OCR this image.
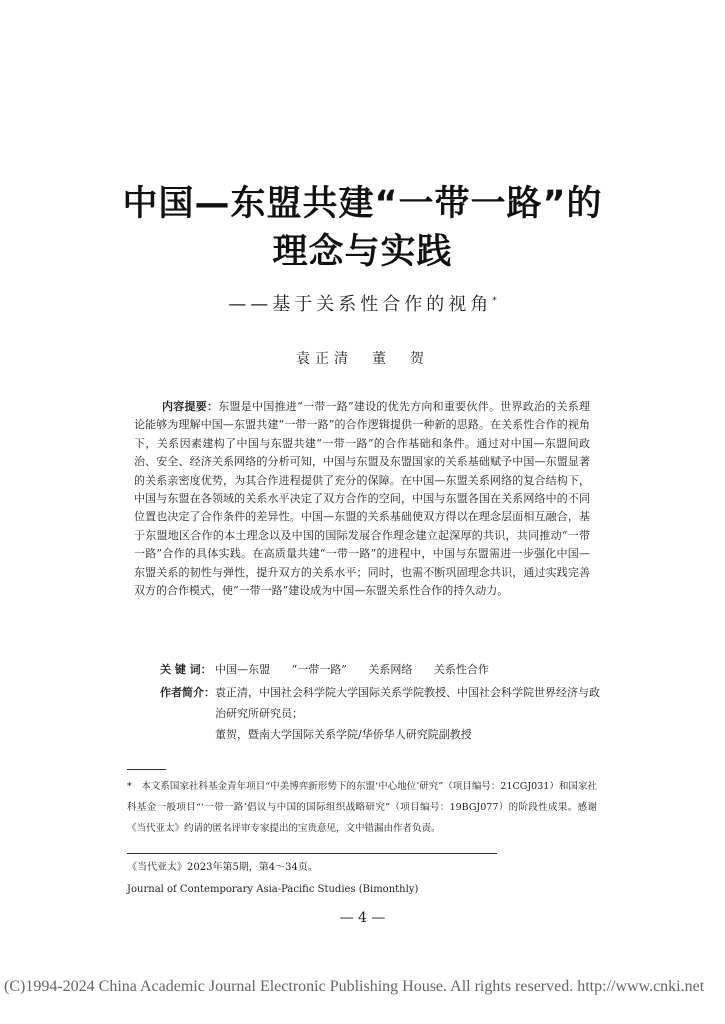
中国—东盟共建“一带一路”的
理念与实践
——基于关系性合作的视角*
袁正清　董　贺
内容提要：东盟是中国推进“一带一路”建设的优先方向和重要伙伴。世界政治的关系理论能够为理解中国—东盟共建“一带一路”的合作逻辑提供一种新的思路。在关系性合作的视角下，关系因素建构了中国与东盟共建“一带一路”的合作基础和条件。通过对中国—东盟间政治、安全、经济关系网络的分析可知，中国与东盟及东盟国家的关系基础赋予中国—东盟显著的关系亲密度优势，为其合作进程提供了充分的保障。在中国—东盟关系网络的复合结构下，中国与东盟在各领域的关系水平决定了双方合作的空间，中国与东盟各国在关系网络中的不同位置也决定了合作条件的差异性。中国—东盟的关系基础使双方得以在理念层面相互融合，基于东盟地区合作的本土理念以及中国的国际发展合作理念建立起深厚的共识，共同推动“一带一路”合作的具体实践。在高质量共建“一带一路”的进程中，中国与东盟需进一步强化中国—东盟关系的韧性与弹性，提升双方的关系水平；同时，也需不断巩固理念共识，通过实践完善双方的合作模式，使“一带一路”建设成为中国—东盟关系性合作的持久动力。
关 键 词： 中国—东盟 “一带一路” 关系网络 关系性合作
作者简介： 袁正清，中国社会科学院大学国际关系学院教授、中国社会科学院世界经济与政治研究所研究员；
董贺，暨南大学国际关系学院/华侨华人研究院副教授
*　 本文系国家社科基金青年项目“中美博弈新形势下的东盟‘中心地位’研究”（项目编号：21CGJ031）和国家社科基金一般项目“‘一带一路’倡议与中国的国际组织战略研究”（项目编号：19BGJ077）的阶段性成果。感谢《当代亚太》约请的匿名评审专家提出的宝贵意见，文中错漏由作者负责。
《当代亚太》2023年第5期，第4～34页。
Journal of Contemporary Asia-Pacific Studies (Bimonthly)
— 4 —
(C)1994-2024 China Academic Journal Electronic Publishing House. All rights reserved. http://www.cnki.net
